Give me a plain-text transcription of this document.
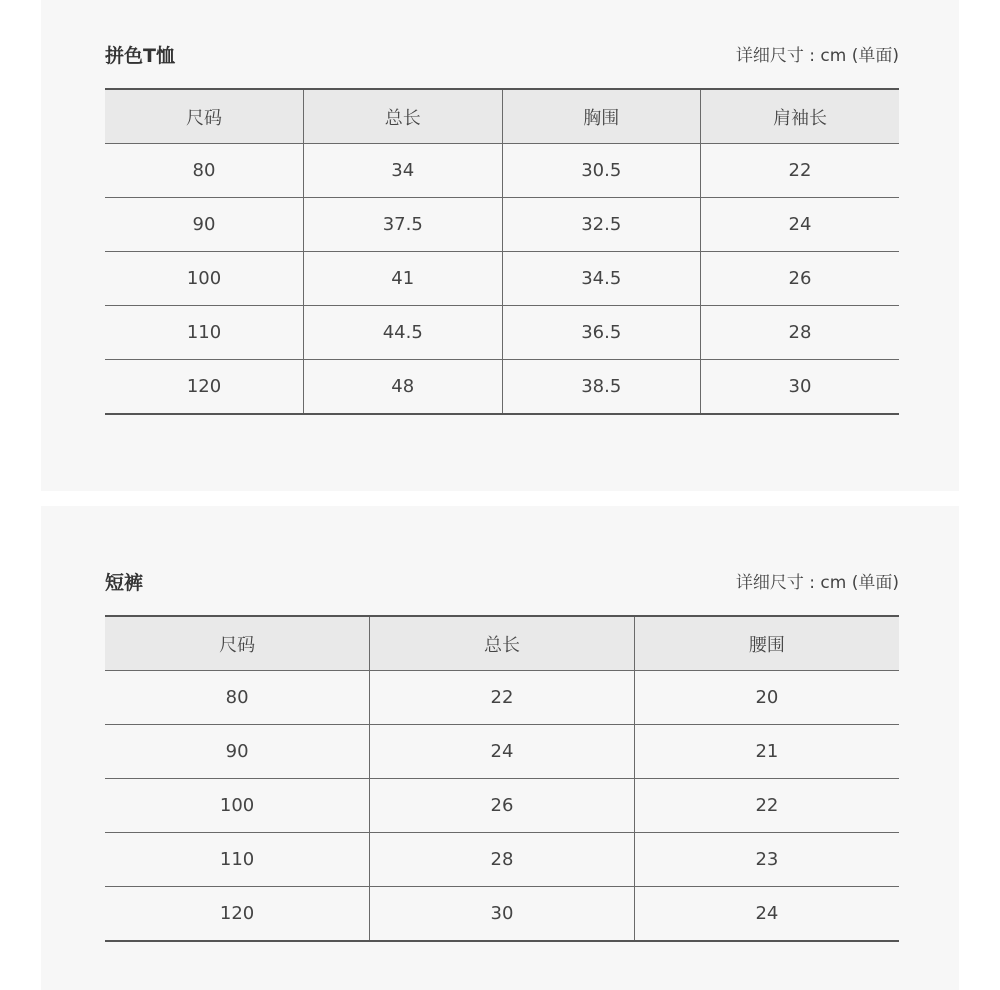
拼色T恤	详细尺寸 : cm (单面)
尺码	总长	胸围	肩袖长
80	34	30.5	22
90	37.5	32.5	24
100	41	34.5	26
110	44.5	36.5	28
120	48	38.5	30
短裤	详细尺寸 : cm (单面)
尺码	总长	腰围
80	22	20
90	24	21
100	26	22
110	28	23
120	30	24
